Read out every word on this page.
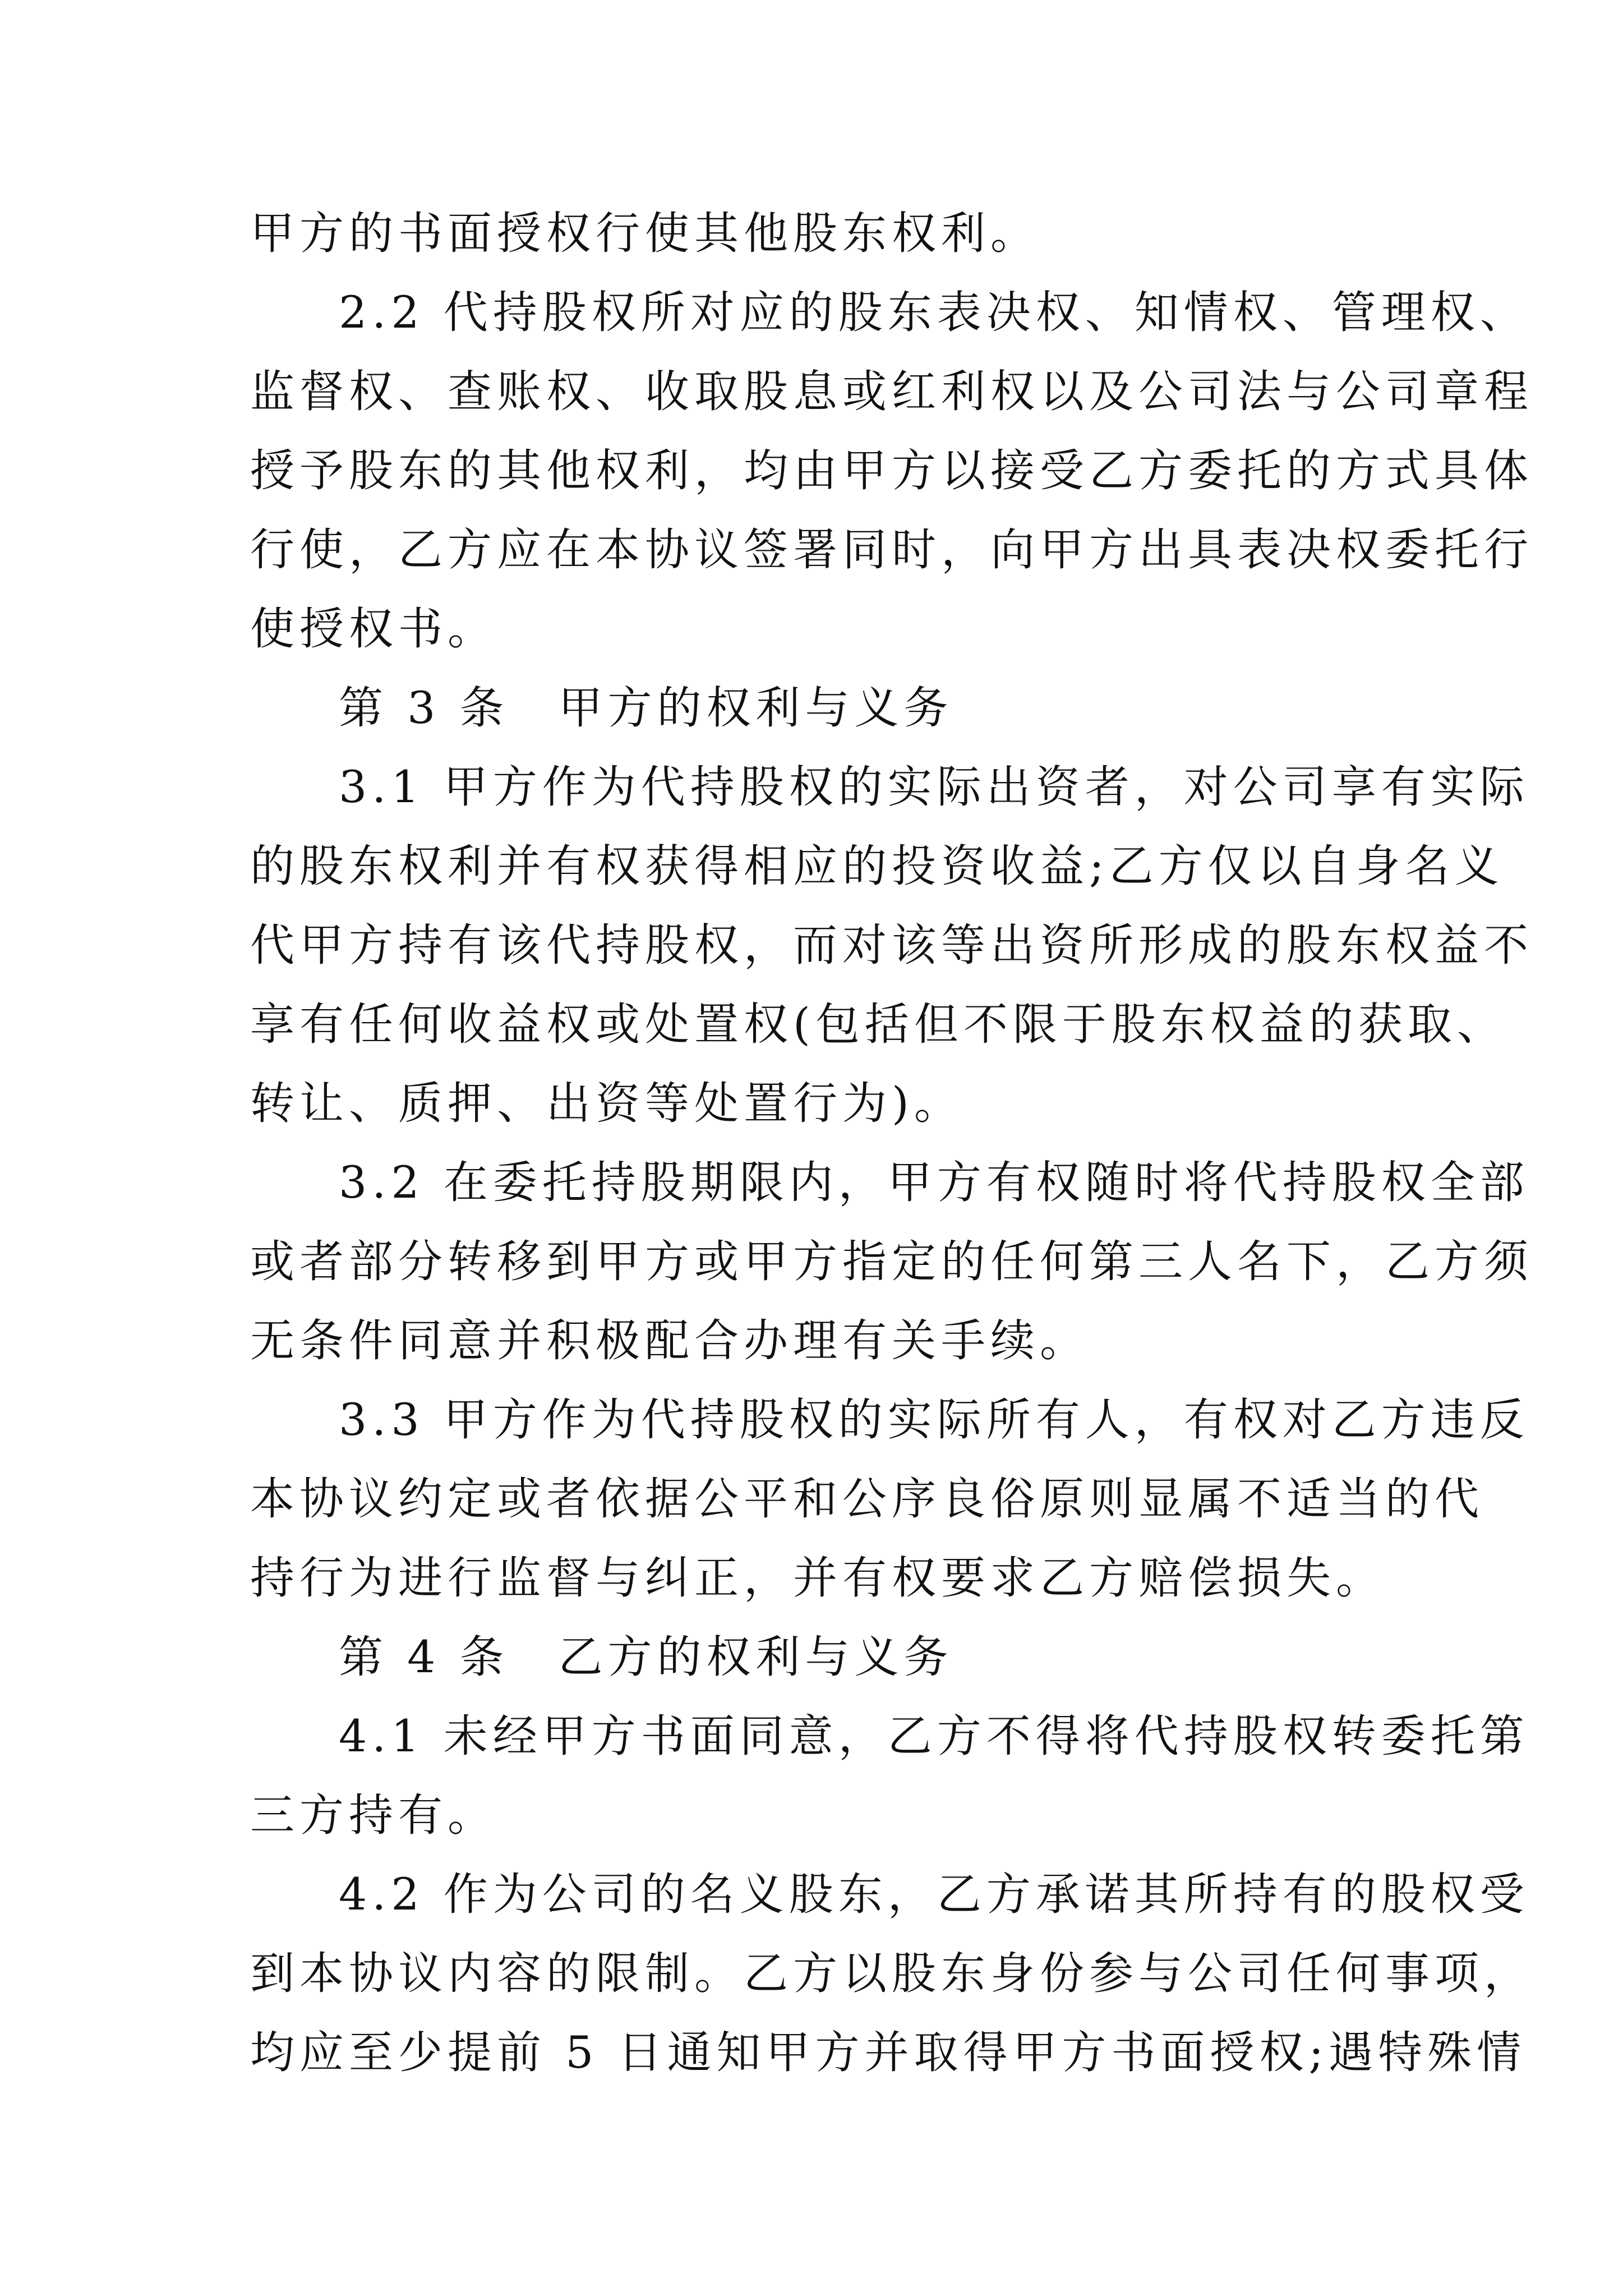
甲方的书面授权行使其他股东权利。
2.2 代持股权所对应的股东表决权、知情权、管理权、
监督权、查账权、收取股息或红利权以及公司法与公司章程
授予股东的其他权利，均由甲方以接受乙方委托的方式具体
行使，乙方应在本协议签署同时，向甲方出具表决权委托行
使授权书。
第 3 条　甲方的权利与义务
3.1 甲方作为代持股权的实际出资者，对公司享有实际
的股东权利并有权获得相应的投资收益;乙方仅以自身名义
代甲方持有该代持股权，而对该等出资所形成的股东权益不
享有任何收益权或处置权(包括但不限于股东权益的获取、
转让、质押、出资等处置行为)。
3.2 在委托持股期限内，甲方有权随时将代持股权全部
或者部分转移到甲方或甲方指定的任何第三人名下，乙方须
无条件同意并积极配合办理有关手续。
3.3 甲方作为代持股权的实际所有人，有权对乙方违反
本协议约定或者依据公平和公序良俗原则显属不适当的代
持行为进行监督与纠正，并有权要求乙方赔偿损失。
第 4 条　乙方的权利与义务
4.1 未经甲方书面同意，乙方不得将代持股权转委托第
三方持有。
4.2 作为公司的名义股东，乙方承诺其所持有的股权受
到本协议内容的限制。乙方以股东身份参与公司任何事项，
均应至少提前 5 日通知甲方并取得甲方书面授权;遇特殊情
